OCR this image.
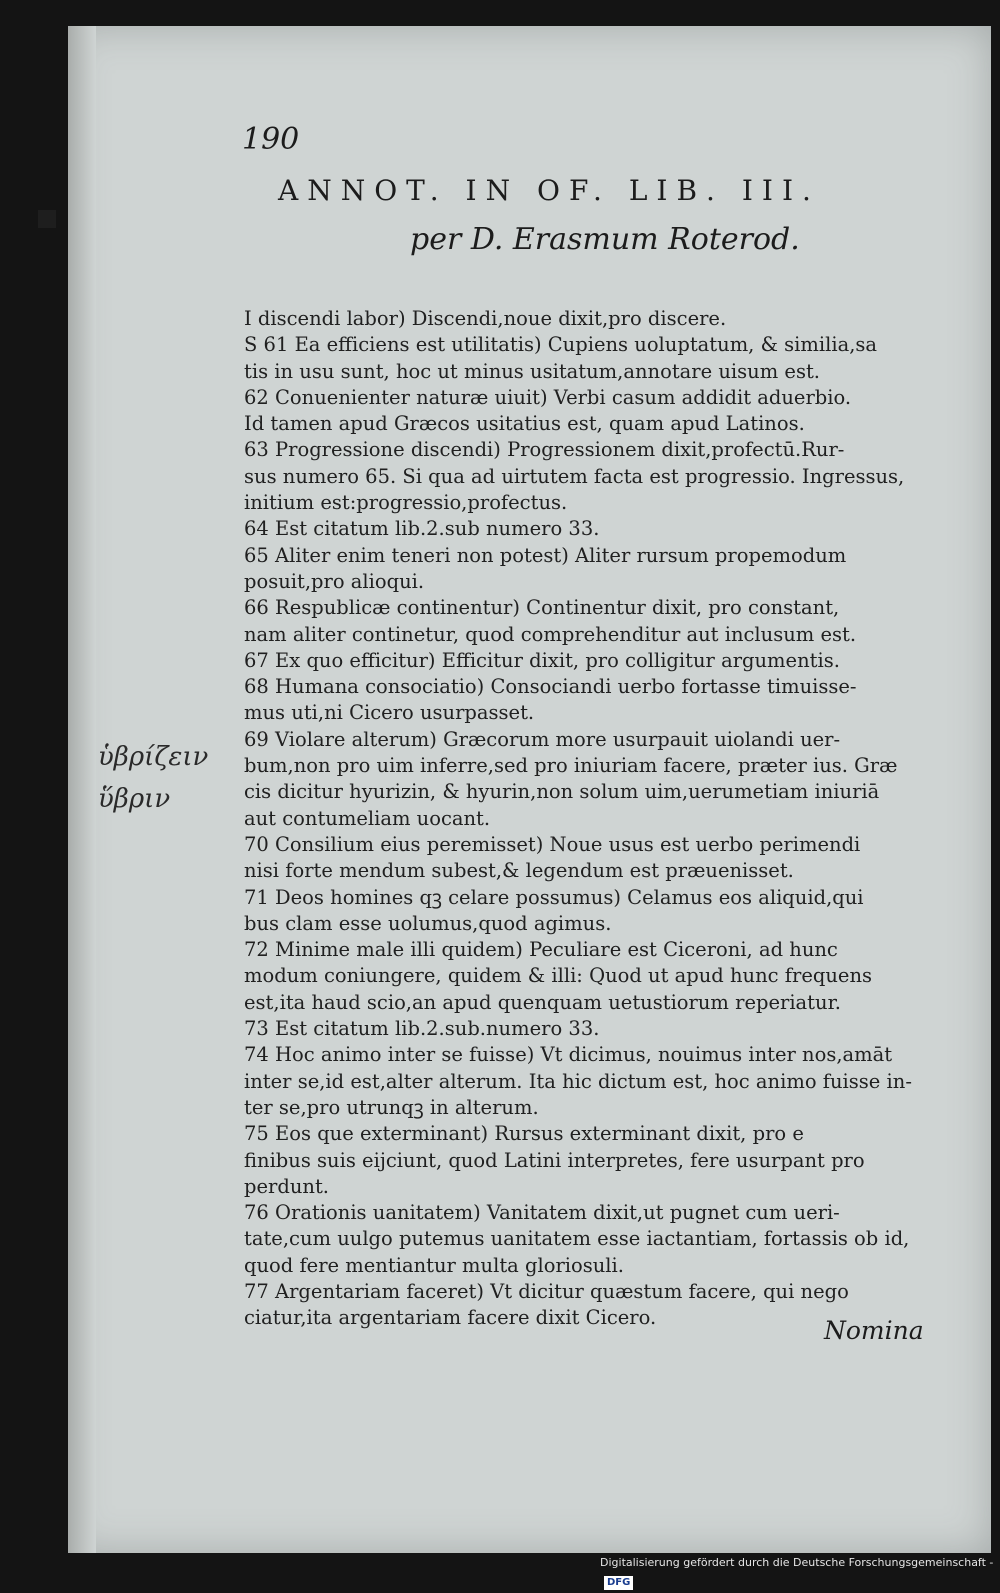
190
ANNOT. IN OF. LIB. III.
per D. Erasmum Roterod.
I discendi labor) Discendi,noue dixit,pro discere.
S 61 Ea efficiens est utilitatis) Cupiens uoluptatum, & similia,sa
tis in usu sunt, hoc ut minus usitatum,annotare uisum est.
62 Conuenienter naturæ uiuit) Verbi casum addidit aduerbio.
Id tamen apud Græcos usitatius est, quam apud Latinos.
63 Progressione discendi) Progressionem dixit,profectū.Rur-
sus numero 65. Si qua ad uirtutem facta est progressio. Ingressus,
initium est:progressio,profectus.
64 Est citatum lib.2.sub numero 33.
65 Aliter enim teneri non potest) Aliter rursum propemodum
posuit,pro alioqui.
66 Respublicæ continentur) Continentur dixit, pro constant,
nam aliter continetur, quod comprehenditur aut inclusum est.
67 Ex quo efficitur) Efficitur dixit, pro colligitur argumentis.
68 Humana consociatio) Consociandi uerbo fortasse timuisse-
mus uti,ni Cicero usurpasset.
69 Violare alterum) Græcorum more usurpauit uiolandi uer-
bum,non pro uim inferre,sed pro iniuriam facere, præter ius. Græ
cis dicitur hyurizin, & hyurin,non solum uim,uerumetiam iniuriā
aut contumeliam uocant.
70 Consilium eius peremisset) Noue usus est uerbo perimendi
nisi forte mendum subest,& legendum est præuenisset.
71 Deos homines qꝫ celare possumus) Celamus eos aliquid,qui
bus clam esse uolumus,quod agimus.
72 Minime male illi quidem) Peculiare est Ciceroni, ad hunc
modum coniungere, quidem & illi: Quod ut apud hunc frequens
est,ita haud scio,an apud quenquam uetustiorum reperiatur.
73 Est citatum lib.2.sub.numero 33.
74 Hoc animo inter se fuisse) Vt dicimus, nouimus inter nos,amāt
inter se,id est,alter alterum. Ita hic dictum est, hoc animo fuisse in-
ter se,pro utrunqꝫ in alterum.
75 Eos que exterminant) Rursus exterminant dixit, pro e
finibus suis eijciunt, quod Latini interpretes, fere usurpant pro
perdunt.
76 Orationis uanitatem) Vanitatem dixit,ut pugnet cum ueri-
tate,cum uulgo putemus uanitatem esse iactantiam, fortassis ob id,
quod fere mentiantur multa gloriosuli.
77 Argentariam faceret) Vt dicitur quæstum facere, qui nego
ciatur,ita argentariam facere dixit Cicero.	Nomina
ὑβρίζειν
ὕβριν
Digitalisierung gefördert durch die Deutsche Forschungsgemeinschaft - DFG
